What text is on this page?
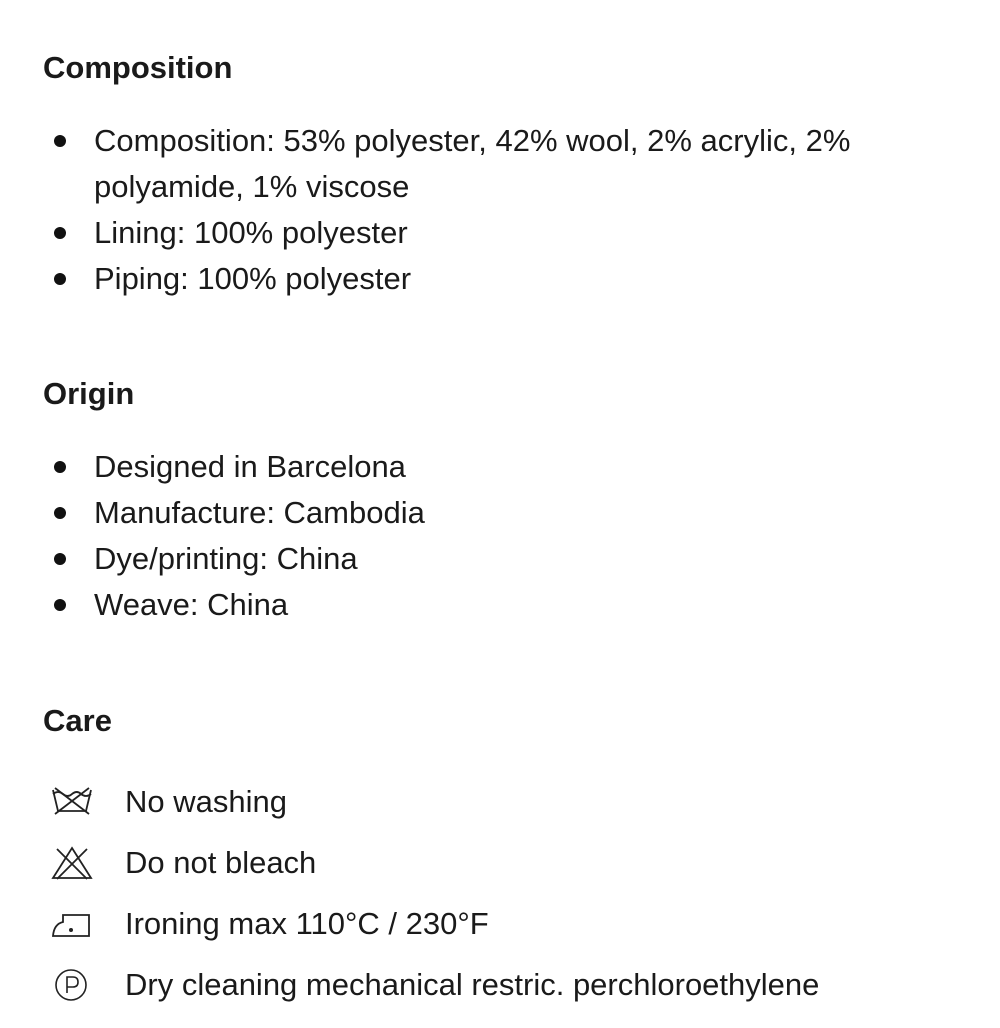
Composition
Composition: 53% polyester, 42% wool, 2% acrylic, 2% polyamide, 1% viscose
Lining: 100% polyester
Piping: 100% polyester
Origin
Designed in Barcelona
Manufacture: Cambodia
Dye/printing: China
Weave: China
Care
No washing
Do not bleach
Ironing max 110°C / 230°F
Dry cleaning mechanical restric. perchloroethylene
